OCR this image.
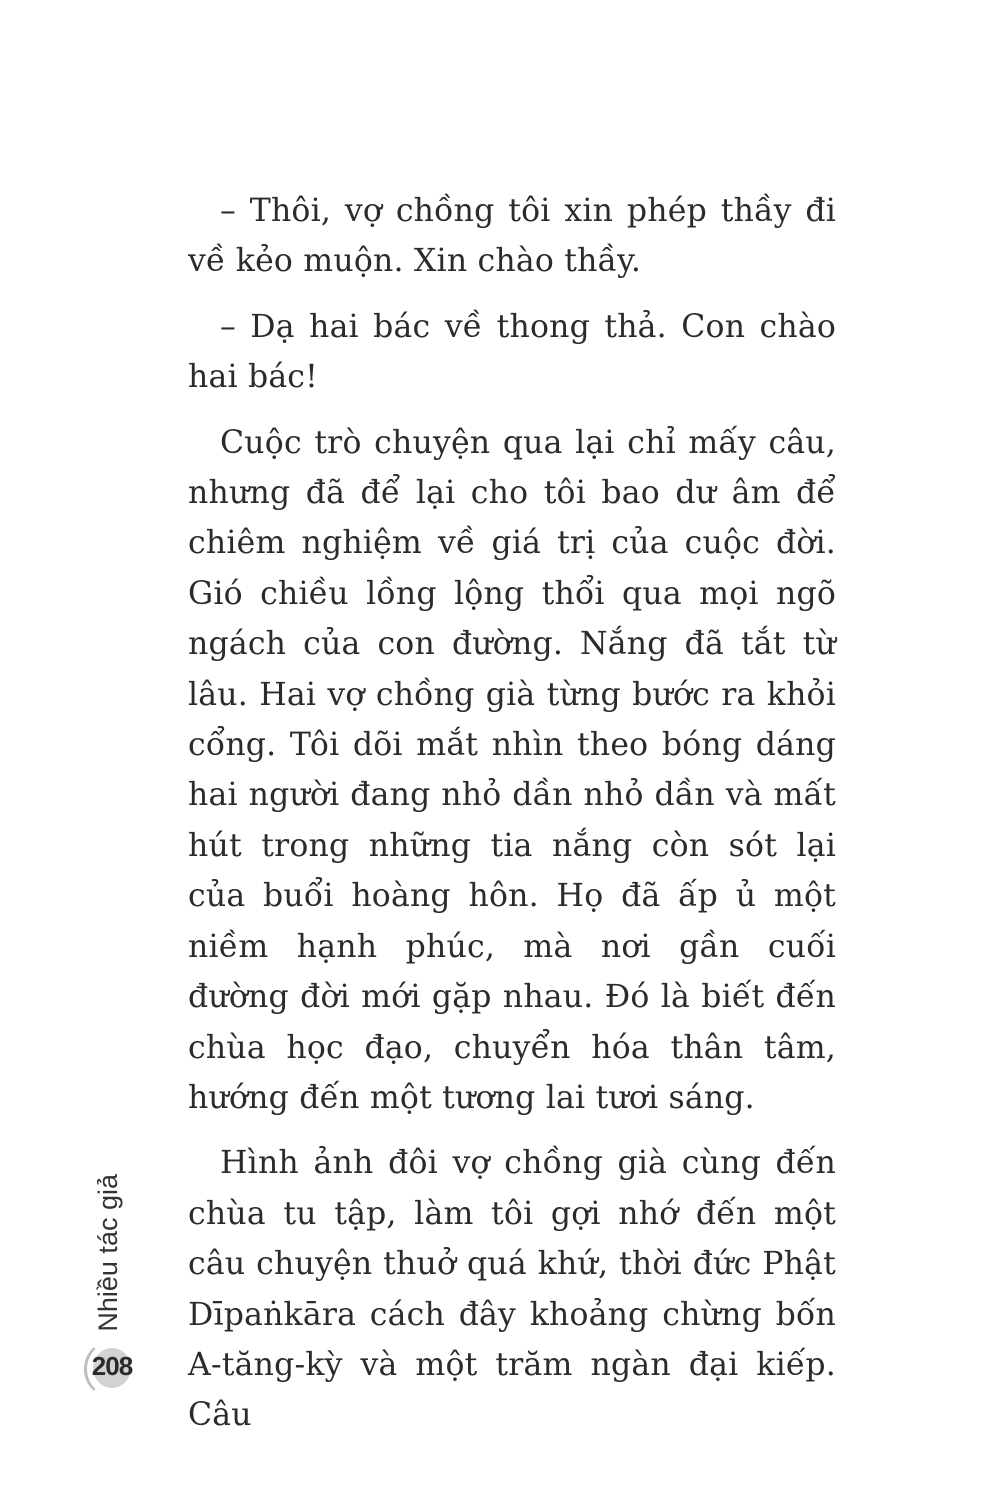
– Thôi, vợ chồng tôi xin phép thầy đi về kẻo muộn. Xin chào thầy.

– Dạ hai bác về thong thả. Con chào hai bác!

Cuộc trò chuyện qua lại chỉ mấy câu, nhưng đã để lại cho tôi bao dư âm để chiêm nghiệm về giá trị của cuộc đời. Gió chiều lồng lộng thổi qua mọi ngõ ngách của con đường. Nắng đã tắt từ lâu. Hai vợ chồng già từng bước ra khỏi cổng. Tôi dõi mắt nhìn theo bóng dáng hai người đang nhỏ dần nhỏ dần và mất hút trong những tia nắng còn sót lại của buổi hoàng hôn. Họ đã ấp ủ một niềm hạnh phúc, mà nơi gần cuối đường đời mới gặp nhau. Đó là biết đến chùa học đạo, chuyển hóa thân tâm, hướng đến một tương lai tươi sáng.

Hình ảnh đôi vợ chồng già cùng đến chùa tu tập, làm tôi gợi nhớ đến một câu chuyện thuở quá khứ, thời đức Phật Dīpaṅkāra cách đây khoảng chừng bốn A-tăng-kỳ và một trăm ngàn đại kiếp. Câu

Nhiều tác giả
208
